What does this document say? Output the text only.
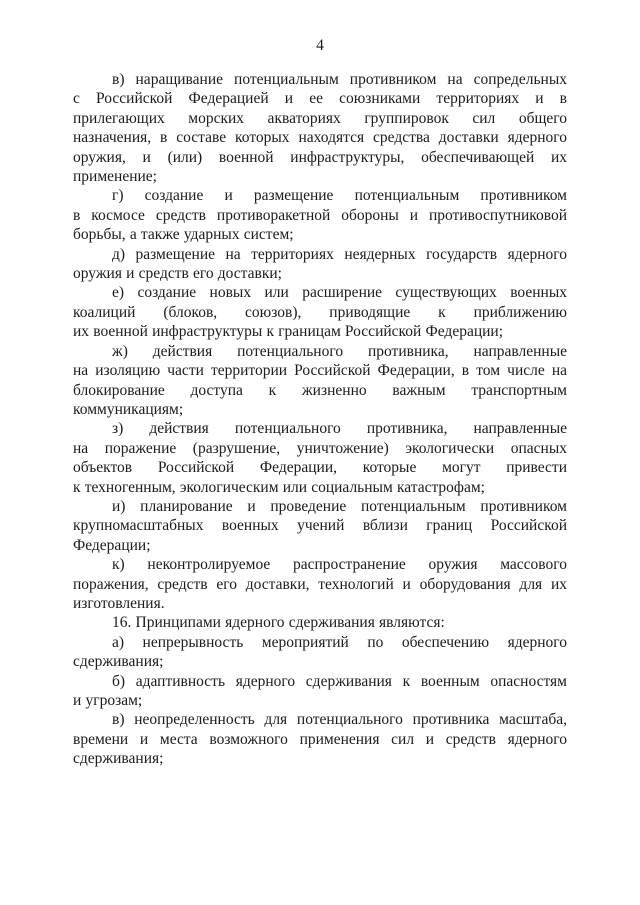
4
в) наращивание потенциальным противником на сопредельных
с Российской Федерацией и ее союзниками территориях и в
прилегающих морских акваториях группировок сил общего
назначения, в составе которых находятся средства доставки ядерного
оружия, и (или) военной инфраструктуры, обеспечивающей их
применение;
г) создание и размещение потенциальным противником
в космосе средств противоракетной обороны и противоспутниковой
борьбы, а также ударных систем;
д) размещение на территориях неядерных государств ядерного
оружия и средств его доставки;
е) создание новых или расширение существующих военных
коалиций (блоков, союзов), приводящие к приближению
их военной инфраструктуры к границам Российской Федерации;
ж) действия потенциального противника, направленные
на изоляцию части территории Российской Федерации, в том числе на
блокирование доступа к жизненно важным транспортным
коммуникациям;
з) действия потенциального противника, направленные
на поражение (разрушение, уничтожение) экологически опасных
объектов Российской Федерации, которые могут привести
к техногенным, экологическим или социальным катастрофам;
и) планирование и проведение потенциальным противником
крупномасштабных военных учений вблизи границ Российской
Федерации;
к) неконтролируемое распространение оружия массового
поражения, средств его доставки, технологий и оборудования для их
изготовления.
16. Принципами ядерного сдерживания являются:
а) непрерывность мероприятий по обеспечению ядерного
сдерживания;
б) адаптивность ядерного сдерживания к военным опасностям
и угрозам;
в) неопределенность для потенциального противника масштаба,
времени и места возможного применения сил и средств ядерного
сдерживания;
